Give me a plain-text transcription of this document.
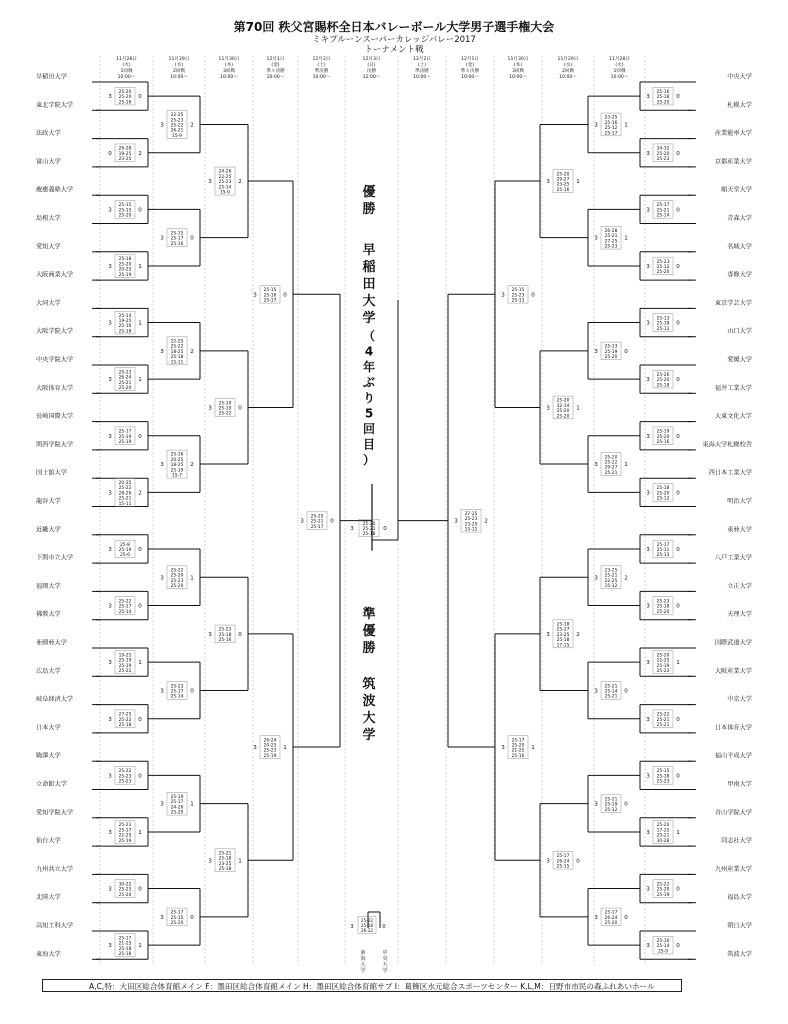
第70回 秩父宮賜杯全日本バレーボール大学男子選手権大会
ミキプルーンスーパーカレッジバレー2017
トーナメント戦
11月28日
(火)
1回戦
10:00〜
11月29日
(水)
2回戦
10:00〜
11月30日
(木)
3回戦
10:00〜
12月1日
(金)
準々決勝
10:00〜
12月2日
(土)
準決勝
10:00〜
12月3日
(日)
決勝
12:00〜
12月2日
(土)
準決勝
10:00〜
12月1日
(金)
準々決勝
10:00〜
11月30日
(木)
3回戦
10:00〜
11月29日
(水)
2回戦
10:00〜
11月28日
(火)
1回戦
10:00〜
早稲田大学
東北学院大学
法政大学
富山大学
慶應義塾大学
島根大学
愛知大学
大阪商業大学
大同大学
大阪学院大学
中央学院大学
大阪体育大学
長崎国際大学
関西学院大学
国士舘大学
龍谷大学
近畿大学
下関市立大学
福岡大学
佛教大学
亜細亜大学
広島大学
岐阜経済大学
日本大学
駒澤大学
立命館大学
愛知学院大学
仙台大学
九州共立大学
北陸大学
高知工科大学
東海大学
25-20
25-20
25-16
3	0
26-28
19-25
23-25
0	2
25-15
25-15
25-20
3	0
25-18
25-20
20-25
25-19
3	1
25-14
19-25
25-16
25-18
3	1
25-23
26-24
25-21
25-20
3	1
25-17
25-19
25-19
3	0
20-25
25-22
28-26
25-21
15-11
3	2
25-8
25-19
25-6
3	0
25-22
25-17
25-14
3	0
19-25
25-19
25-19
25-22
3	1
27-25
25-22
25-18
3	0
25-22
25-23
25-23
3	0
25-21
25-17
22-25
25-19
3	1
30-22
25-23
25-20
3	0
25-17
21-25
25-18
25-18
3	1
22-25
25-23
25-22
26-21
15-9
3	2
25-15
25-17
25-16
3	0
22-25
25-22
18-25
25-18
15-11
3	2
25-16
20-25
18-25
25-19
15-7
3	2
25-22
25-20
25-23
25-20
3	1
25-23
25-17
25-14
3	0
25-19
25-17
24-26
25-20
3	1
25-17
25-15
25-20
3	0
24-26
22-25
25-23
25-14
15-9
3	2
25-19
25-19
25-22
3	0
25-23
25-18
25-16
3	0
25-21
25-18
23-25
25-18
3	1
25-15
25-16
25-17
3	0
26-24
20-25
25-23
25-19
3	1
25-20
25-21
25-17
3	0
中央大学
札幌大学
産業能率大学
京都産業大学
順天堂大学
青森大学
名城大学
専修大学
東京学芸大学
山口大学
愛媛大学
福井工業大学
大東文化大学
東海大学札幌校舎
西日本工業大学
明治大学
東亜大学
八戸工業大学
立正大学
天理大学
国際武道大学
大阪産業大学
中京大学
日本体育大学
福山平成大学
甲南大学
青山学院大学
同志社大学
九州産業大学
福島大学
朝日大学
筑波大学
25-16
25-18
25-20
0
3
34-32
25-20
25-23
0
3
25-17
25-21
25-14
0
3
25-23
25-12
25-20
0
3
25-13
25-18
25-12
0
3
25-26
25-20
25-18
0
3
25-19
25-20
25-16
0
3
25-18
25-20
25-12
0
3
25-17
25-11
25-13
0
3
25-23
25-18
25-20
0
3
25-20
22-25
25-19
25-22
1
3
25-22
25-21
25-21
0
3
25-15
25-18
25-23
0
3
25-20
17-25
25-21
30-28
1
3
25-22
25-20
25-19
0
3
25-10
25-14
25-9
0
3
23-25
25-16
25-12
25-17
1
3
26-28
25-21
27-25
25-23
1
3
25-13
25-19
25-20
0
3
25-20
25-22
29-27
25-21
1
3
23-25
25-21
22-25
15-12
2
3
25-21
25-14
25-21
0
3
25-21
25-19
25-12
0
3
25-17
26-24
25-20
0
3
25-20
29-27
23-25
25-16
1
3
25-20
32-34
25-20
25-20
1
3
25-18
25-27
23-25
25-18
17-15
2
3
25-17
26-24
25-15
0
3
25-15
25-23
25-13
0
3
25-17
25-20
21-25
25-16
1
3
27-25
25-23
23-25
15-12
2
3
25-20
25-21
25-18
3	0
25-22
25-18
26-22
3	0
東
海
大
学
中
央
大
学
優
勝
早
稲
田
大
学
（
4
年
ぶ
り
5
回
目
）
準
優
勝
筑
波
大
学
A,C,特：大田区総合体育館メイン F：墨田区総合体育館メイン H：墨田区総合体育館サブ I：葛飾区水元総合スポーツセンター K,L,M：日野市市民の森ふれあいホール
